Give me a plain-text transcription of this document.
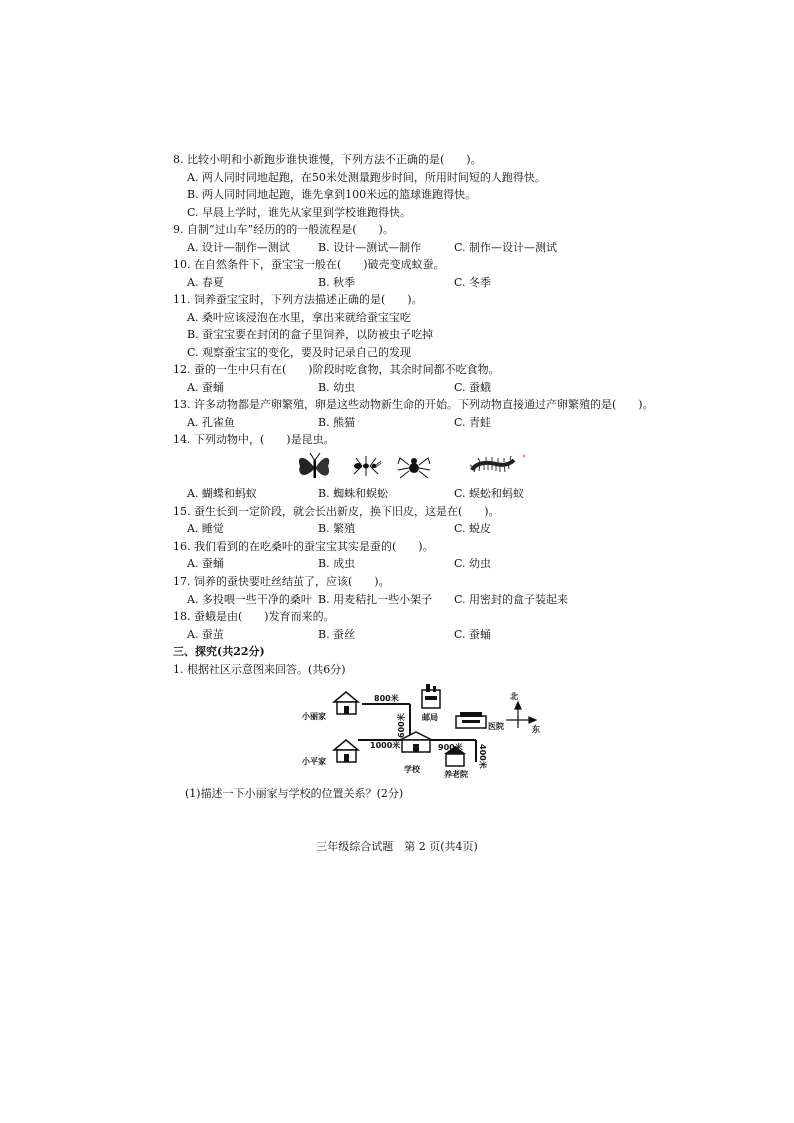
8. 比较小明和小新跑步谁快谁慢，下列方法不正确的是(　　)。
A. 两人同时同地起跑，在50米处测量跑步时间，所用时间短的人跑得快。
B. 两人同时同地起跑，谁先拿到100米远的篮球谁跑得快。
C. 早晨上学时，谁先从家里到学校谁跑得快。
9. 自制“过山车”经历的的一般流程是(　　)。
A. 设计—制作—测试	B. 设计—测试—制作	C. 制作—设计—测试
10. 在自然条件下，蚕宝宝一般在(　　)破壳变成蚁蚕。
A. 春夏	B. 秋季	C. 冬季
11. 饲养蚕宝宝时，下列方法描述正确的是(　　)。
A. 桑叶应该浸泡在水里，拿出来就给蚕宝宝吃
B. 蚕宝宝要在封闭的盒子里饲养，以防被虫子吃掉
C. 观察蚕宝宝的变化，要及时记录自己的发现
12. 蚕的一生中只有在(　　)阶段时吃食物，其余时间都不吃食物。
A. 蚕蛹	B. 幼虫	C. 蚕蛾
13. 许多动物都是产卵繁殖，卵是这些动物新生命的开始。下列动物直接通过产卵繁殖的是(　　)。
A. 孔雀鱼	B. 熊猫	C. 青蛙
14. 下列动物中，(　　)是昆虫。
A. 蝴蝶和蚂蚁	B. 蜘蛛和蜈蚣	C. 蜈蚣和蚂蚁
15. 蚕生长到一定阶段，就会长出新皮，换下旧皮，这是在(　　)。
A. 睡觉	B. 繁殖	C. 蜕皮
16. 我们看到的在吃桑叶的蚕宝宝其实是蚕的(　　)。
A. 蚕蛹	B. 成虫	C. 幼虫
17. 饲养的蚕快要吐丝结茧了，应该(　　)。
A. 多投喂一些干净的桑叶 B. 用麦秸扎一些小架子 C. 用密封的盒子装起来
18. 蚕蛾是由(　　)发育而来的。
A. 蚕茧	B. 蚕丝	C. 蚕蛹
三、探究(共22分)
1. 根据社区示意图来回答。(共6分)
小丽家
小平家
邮局
医院
学校
养老院
800米
1000米	900米
北
东
600米
400米
(1)描述一下小丽家与学校的位置关系？(2分)
三年级综合试题　第 2 页(共4页)
